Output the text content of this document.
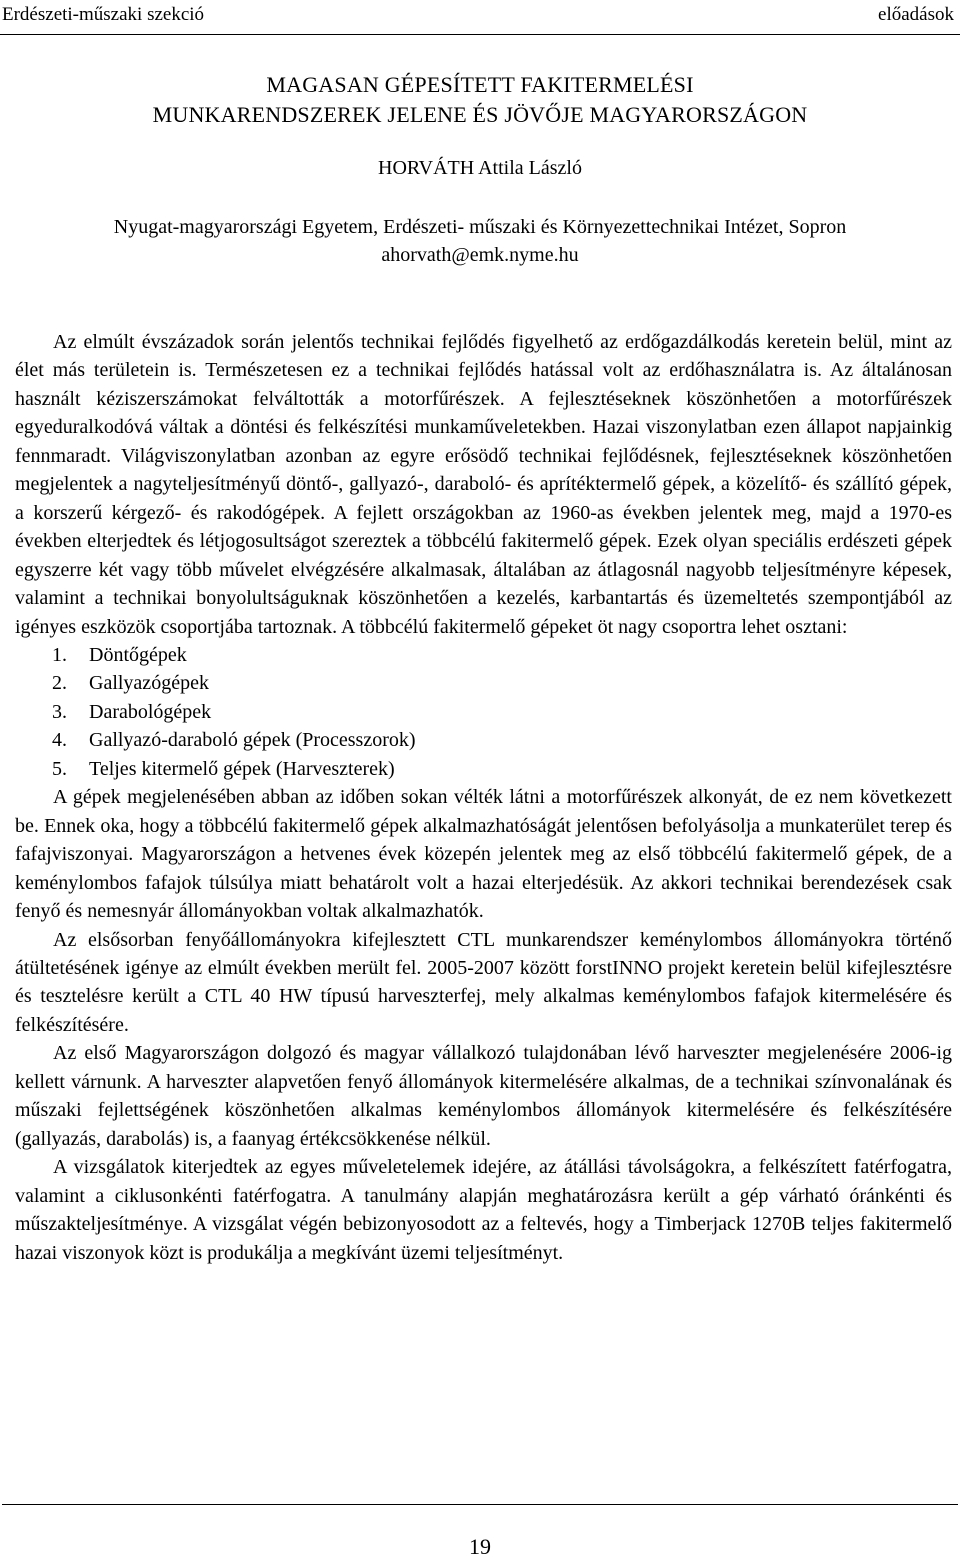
Erdészeti-műszaki szekció	előadások
MAGASAN GÉPESÍTETT FAKITERMELÉSI
MUNKARENDSZEREK JELENE ÉS JÖVŐJE MAGYARORSZÁGON
HORVÁTH Attila László
Nyugat-magyarországi Egyetem, Erdészeti- műszaki és Környezettechnikai Intézet, Sopron
ahorvath@emk.nyme.hu

Az elmúlt évszázadok során jelentős technikai fejlődés figyelhető az erdőgazdálkodás keretein belül, mint az élet más területein is. Természetesen ez a technikai fejlődés hatással volt az erdőhasználatra is. Az általánosan használt kéziszerszámokat felváltották a motorfűrészek. A fejlesztéseknek köszönhetően a motorfűrészek egyeduralkodóvá váltak a döntési és felkészítési munkaműveletekben. Hazai viszonylatban ezen állapot napjainkig fennmaradt. Világviszonylatban azonban az egyre erősödő technikai fejlődésnek, fejlesztéseknek köszönhetően megjelentek a nagyteljesítményű döntő-, gallyazó-, daraboló- és aprítéktermelő gépek, a közelítő- és szállító gépek, a korszerű kérgező- és rakodógépek. A fejlett országokban az 1960-as években jelentek meg, majd a 1970-es években elterjedtek és létjogosultságot szereztek a többcélú fakitermelő gépek. Ezek olyan speciális erdészeti gépek egyszerre két vagy több művelet elvégzésére alkalmasak, általában az átlagosnál nagyobb teljesítményre képesek, valamint a technikai bonyolultságuknak köszönhetően a kezelés, karbantartás és üzemeltetés szempontjából az igényes eszközök csoportjába tartoznak. A többcélú fakitermelő gépeket öt nagy csoportra lehet osztani:

1. Döntőgépek
2. Gallyazógépek
3. Darabológépek
4. Gallyazó-daraboló gépek (Processzorok)
5. Teljes kitermelő gépek (Harveszterek)

A gépek megjelenésében abban az időben sokan vélték látni a motorfűrészek alkonyát, de ez nem következett be. Ennek oka, hogy a többcélú fakitermelő gépek alkalmazhatóságát jelentősen befolyásolja a munkaterület terep és fafajviszonyai. Magyarországon a hetvenes évek közepén jelentek meg az első többcélú fakitermelő gépek, de a keménylombos fafajok túlsúlya miatt behatárolt volt a hazai elterjedésük. Az akkori technikai berendezések csak fenyő és nemesnyár állományokban voltak alkalmazhatók.

Az elsősorban fenyőállományokra kifejlesztett CTL munkarendszer keménylombos állományokra történő átültetésének igénye az elmúlt években merült fel. 2005-2007 között forstINNO projekt keretein belül kifejlesztésre és tesztelésre került a CTL 40 HW típusú harveszterfej, mely alkalmas keménylombos fafajok kitermelésére és felkészítésére.

Az első Magyarországon dolgozó és magyar vállalkozó tulajdonában lévő harveszter megjelenésére 2006-ig kellett várnunk. A harveszter alapvetően fenyő állományok kitermelésére alkalmas, de a technikai színvonalának és műszaki fejlettségének köszönhetően alkalmas keménylombos állományok kitermelésére és felkészítésére (gallyazás, darabolás) is, a faanyag értékcsökkenése nélkül.

A vizsgálatok kiterjedtek az egyes műveletelemek idejére, az átállási távolságokra, a felkészített fatérfogatra, valamint a ciklusonkénti fatérfogatra. A tanulmány alapján meghatározásra került a gép várható óránkénti és műszakteljesítménye. A vizsgálat végén bebizonyosodott az a feltevés, hogy a Timberjack 1270B teljes fakitermelő hazai viszonyok közt is produkálja a megkívánt üzemi teljesítményt.

19
